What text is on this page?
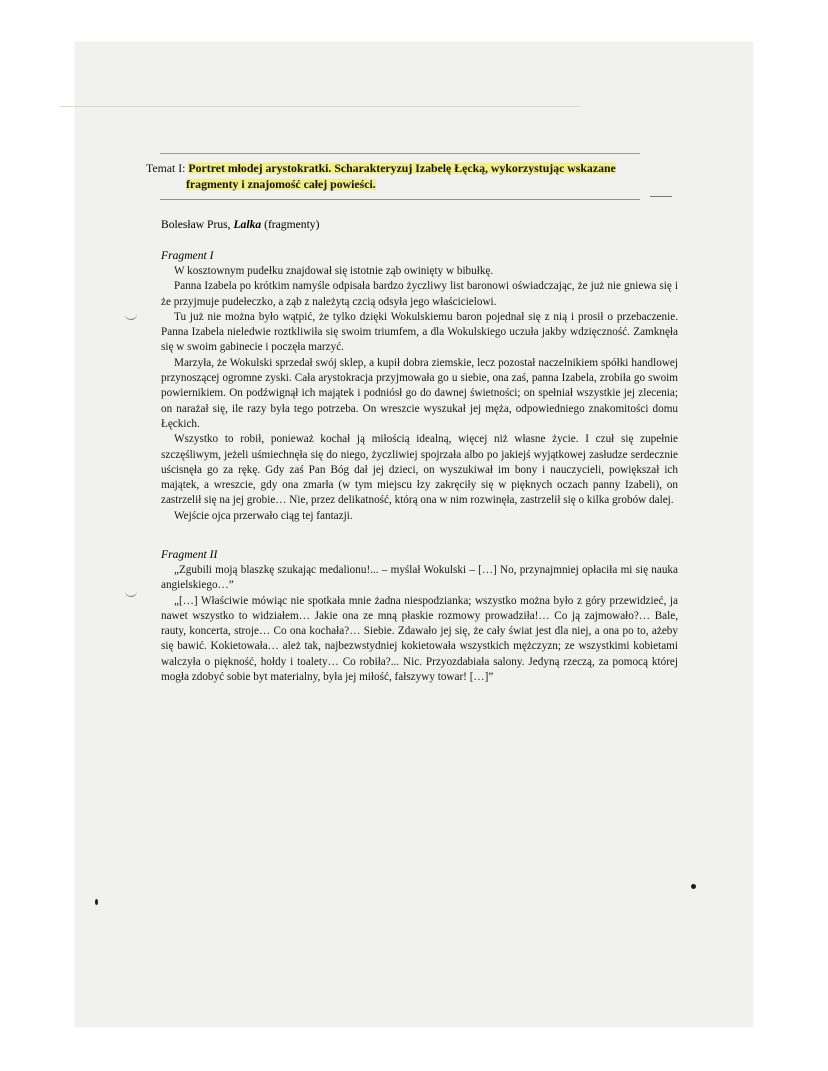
Temat I: Portret młodej arystokratki. Scharakteryzuj Izabelę Łęcką, wykorzystując wskazane
fragmenty i znajomość całej powieści.
Bolesław Prus, Lalka (fragmenty)
Fragment I

W kosztownym pudełku znajdował się istotnie ząb owinięty w bibułkę.

Panna Izabela po krótkim namyśle odpisała bardzo życzliwy list baronowi oświadczając, że już nie gniewa się i że przyjmuje pudełeczko, a ząb z należytą czcią odsyła jego właścicielowi.

Tu już nie można było wątpić, że tylko dzięki Wokulskiemu baron pojednał się z nią i prosił o przebaczenie. Panna Izabela nieledwie roztkliwiła się swoim triumfem, a dla Wokulskiego uczuła jakby wdzięczność. Zamknęła się w swoim gabinecie i poczęła marzyć.

Marzyła, że Wokulski sprzedał swój sklep, a kupił dobra ziemskie, lecz pozostał naczelnikiem spółki handlowej przynoszącej ogromne zyski. Cała arystokracja przyjmowała go u siebie, ona zaś, panna Izabela, zrobiła go swoim powiernikiem. On podźwignął ich majątek i podniósł go do dawnej świetności; on spełniał wszystkie jej zlecenia; on narażał się, ile razy była tego potrzeba. On wreszcie wyszukał jej męża, odpowiedniego znakomitości domu Łęckich.

Wszystko to robił, ponieważ kochał ją miłością idealną, więcej niż własne życie. I czuł się zupełnie szczęśliwym, jeżeli uśmiechnęła się do niego, życzliwiej spojrzała albo po jakiejś wyjątkowej zasłudze serdecznie uścisnęła go za rękę. Gdy zaś Pan Bóg dał jej dzieci, on wyszukiwał im bony i nauczycieli, powiększał ich majątek, a wreszcie, gdy ona zmarła (w tym miejscu łzy zakręciły się w pięknych oczach panny Izabeli), on zastrzelił się na jej grobie… Nie, przez delikatność, którą ona w nim rozwinęła, zastrzelił się o kilka grobów dalej.

Wejście ojca przerwało ciąg tej fantazji.

Fragment II

„Zgubili moją blaszkę szukając medalionu!... – myślał Wokulski – […] No, przynajmniej opłaciła mi się nauka angielskiego…”

„[…] Właściwie mówiąc nie spotkała mnie żadna niespodzianka; wszystko można było z góry przewidzieć, ja nawet wszystko to widziałem… Jakie ona ze mną płaskie rozmowy prowadziła!… Co ją zajmowało?… Bale, rauty, koncerta, stroje… Co ona kochała?… Siebie. Zdawało jej się, że cały świat jest dla niej, a ona po to, ażeby się bawić. Kokietowała… ależ tak, najbezwstydniej kokietowała wszystkich mężczyzn; ze wszystkimi kobietami walczyła o piękność, hołdy i toalety… Co robiła?... Nic. Przyozdabiała salony. Jedyną rzeczą, za pomocą której mogła zdobyć sobie byt materialny, była jej miłość, fałszywy towar! […]”
